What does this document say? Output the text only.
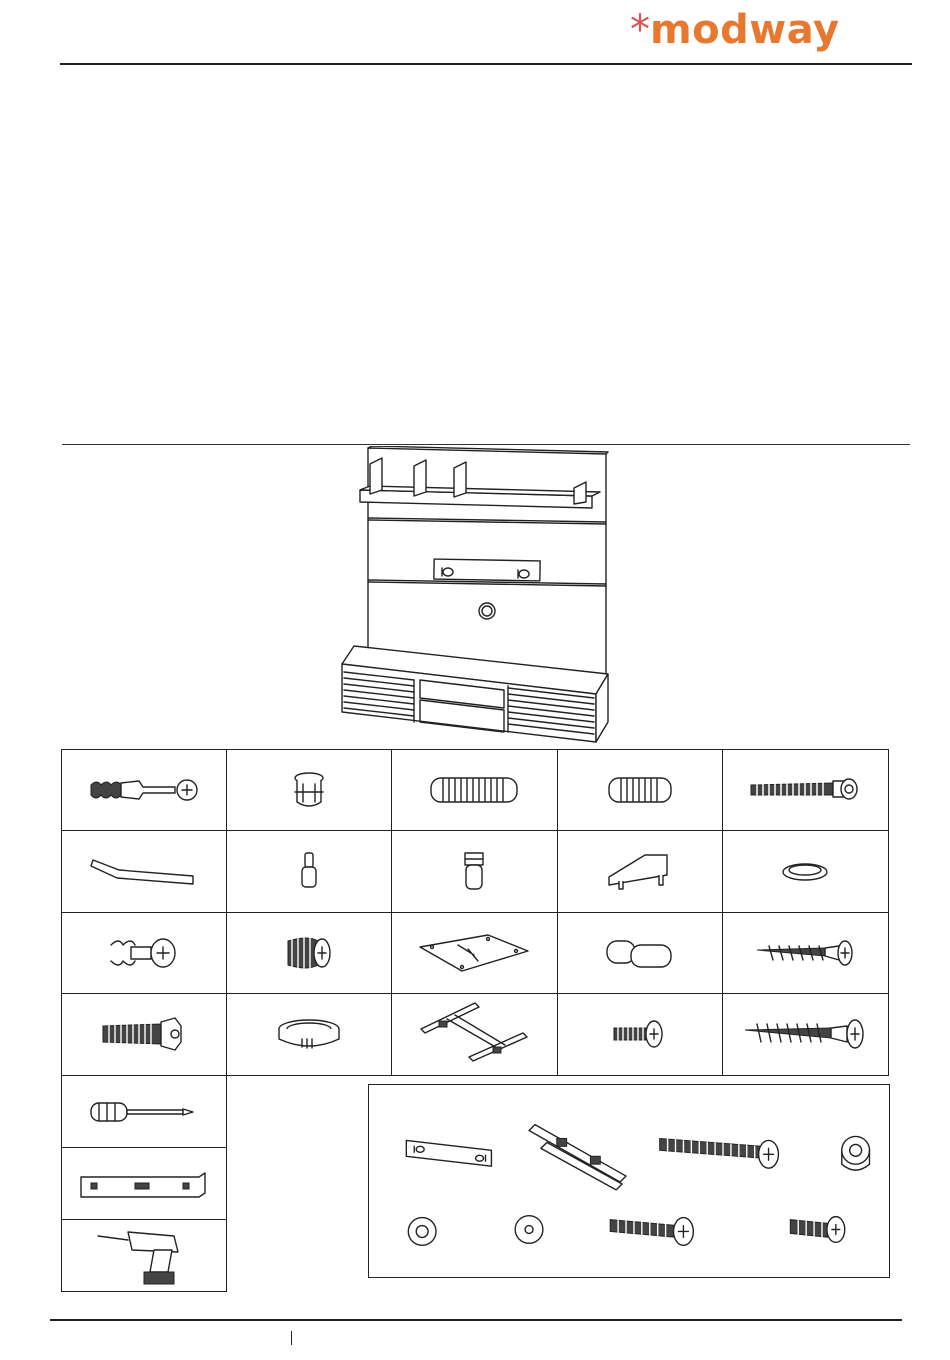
* modway
